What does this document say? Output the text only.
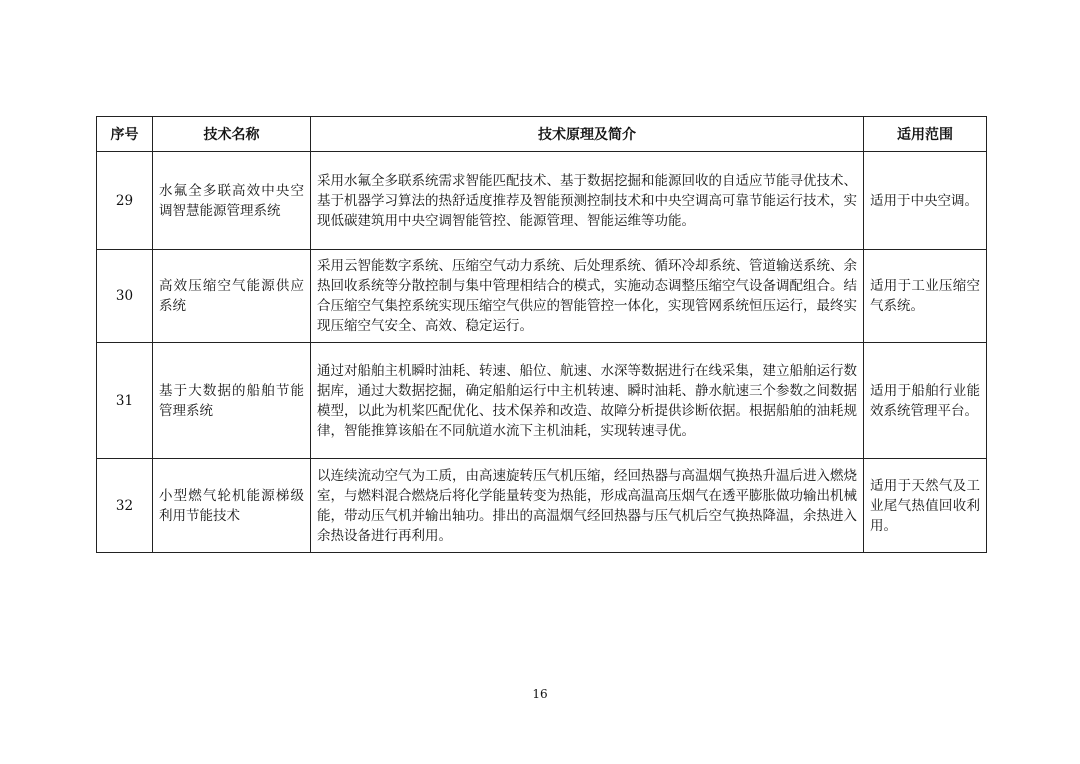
序号	技术名称	技术原理及简介	适用范围
29	水氟全多联高效中央空调智慧能源管理系统	采用水氟全多联系统需求智能匹配技术、基于数据挖掘和能源回收的自适应节能寻优技术、基于机器学习算法的热舒适度推荐及智能预测控制技术和中央空调高可靠节能运行技术，实现低碳建筑用中央空调智能管控、能源管理、智能运维等功能。	适用于中央空调。
30	高效压缩空气能源供应系统	采用云智能数字系统、压缩空气动力系统、后处理系统、循环冷却系统、管道输送系统、余热回收系统等分散控制与集中管理相结合的模式，实施动态调整压缩空气设备调配组合。结合压缩空气集控系统实现压缩空气供应的智能管控一体化，实现管网系统恒压运行，最终实现压缩空气安全、高效、稳定运行。	适用于工业压缩空气系统。
31	基于大数据的船舶节能管理系统	通过对船舶主机瞬时油耗、转速、船位、航速、水深等数据进行在线采集，建立船舶运行数据库，通过大数据挖掘，确定船舶运行中主机转速、瞬时油耗、静水航速三个参数之间数据模型，以此为机桨匹配优化、技术保养和改造、故障分析提供诊断依据。根据船舶的油耗规律，智能推算该船在不同航道水流下主机油耗，实现转速寻优。	适用于船舶行业能效系统管理平台。
32	小型燃气轮机能源梯级利用节能技术	以连续流动空气为工质，由高速旋转压气机压缩，经回热器与高温烟气换热升温后进入燃烧室，与燃料混合燃烧后将化学能量转变为热能，形成高温高压烟气在透平膨胀做功输出机械能，带动压气机并输出轴功。排出的高温烟气经回热器与压气机后空气换热降温，余热进入余热设备进行再利用。	适用于天然气及工业尾气热值回收利用。
16
